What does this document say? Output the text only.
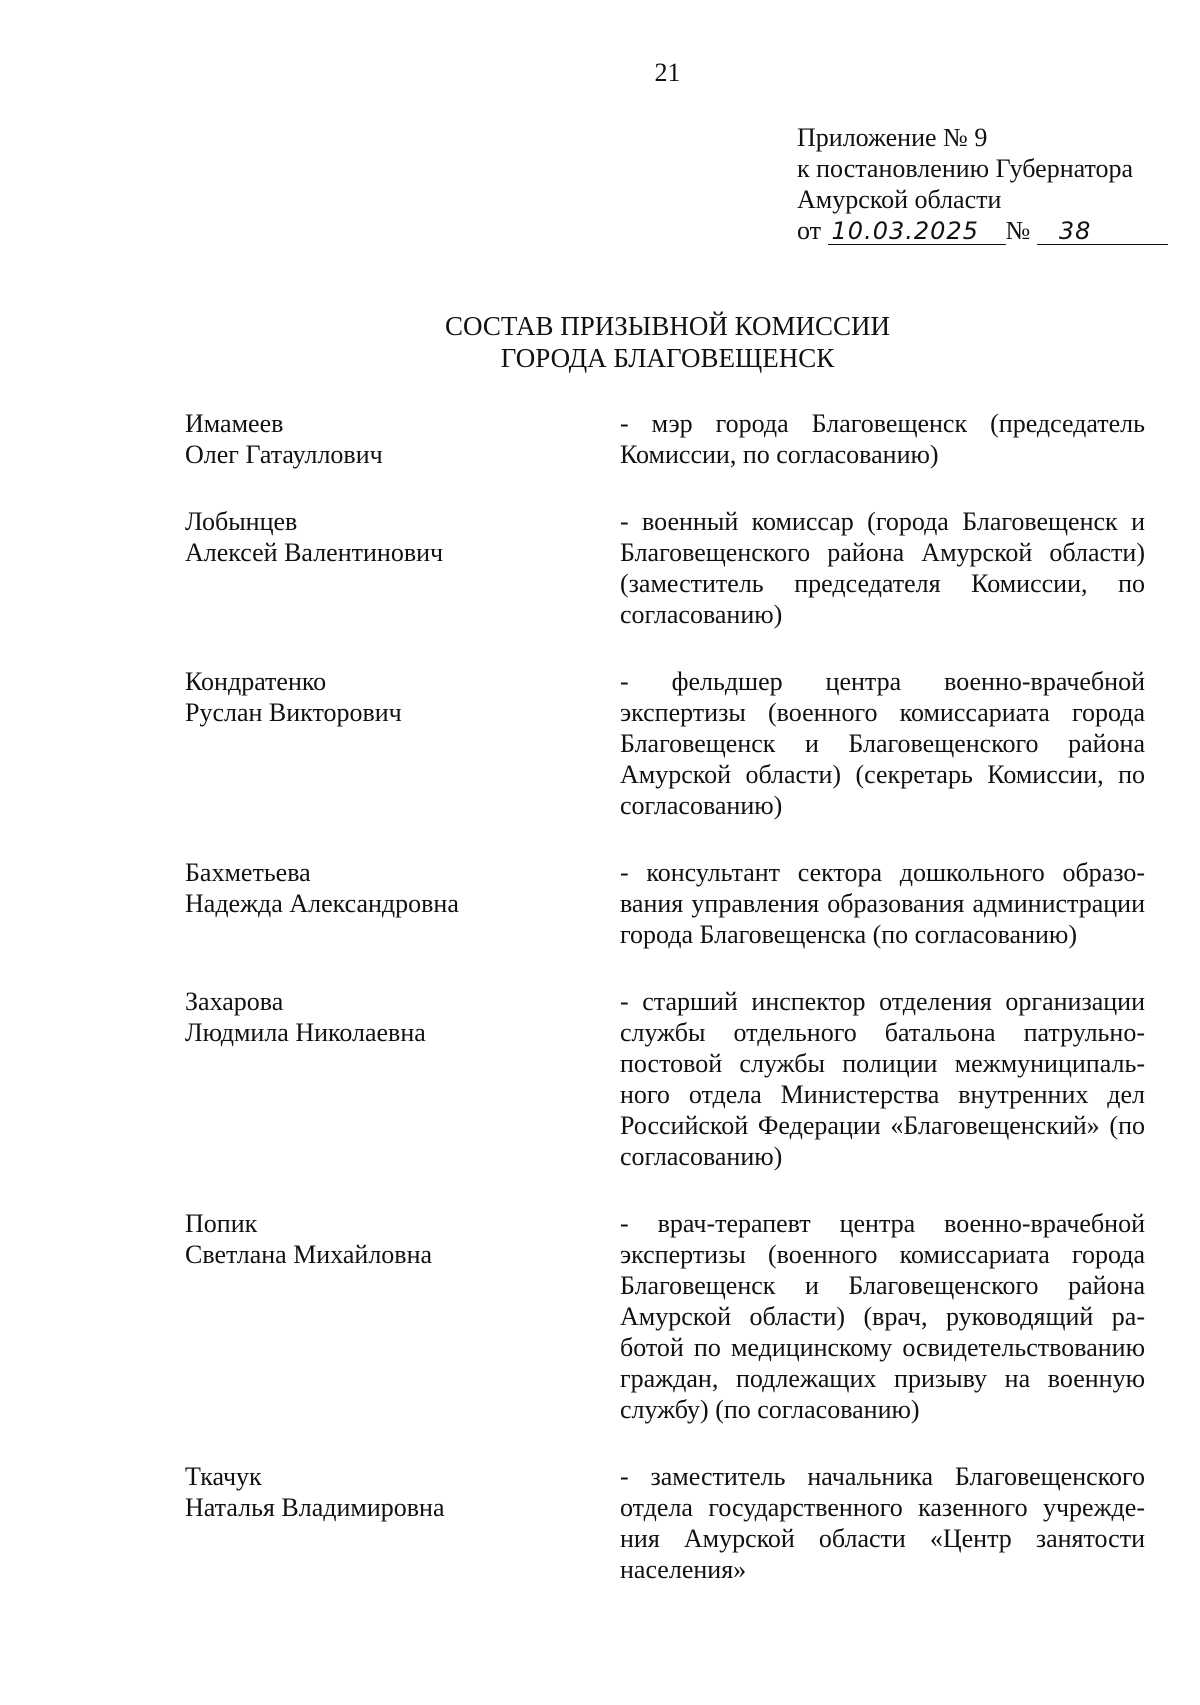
21
Приложение № 9
к постановлению Губернатора
Амурской области
от 10.03.2025 № 38
СОСТАВ ПРИЗЫВНОЙ КОМИССИИ
ГОРОДА БЛАГОВЕЩЕНСК
Имамеев
Олег Гатауллович
- мэр города Благовещенск (председатель Комиссии, по согласованию)
Лобынцев
Алексей Валентинович
- военный комиссар (города Благовещенск и Благовещенского района Амурской области) (заместитель председателя Комиссии, по согласованию)
Кондратенко
Руслан Викторович
- фельдшер центра военно-врачебной экспертизы (военного комиссариата города Благовещенск и Благовещенского района Амурской области) (секретарь Комиссии, по согласованию)
Бахметьева
Надежда Александровна
- консультант сектора дошкольного образования управления образования администрации города Благовещенска (по согласованию)
Захарова
Людмила Николаевна
- старший инспектор отделения организации службы отдельного батальона патрульно-постовой службы полиции межмуниципального отдела Министерства внутренних дел Российской Федерации «Благовещенский» (по согласованию)
Попик
Светлана Михайловна
- врач-терапевт центра военно-врачебной экспертизы (военного комиссариата города Благовещенск и Благовещенского района Амурской области) (врач, руководящий работой по медицинскому освидетельствованию граждан, подлежащих призыву на военную службу) (по согласованию)
Ткачук
Наталья Владимировна
- заместитель начальника Благовещенского отдела государственного казенного учреждения Амурской области «Центр занятости населения»
